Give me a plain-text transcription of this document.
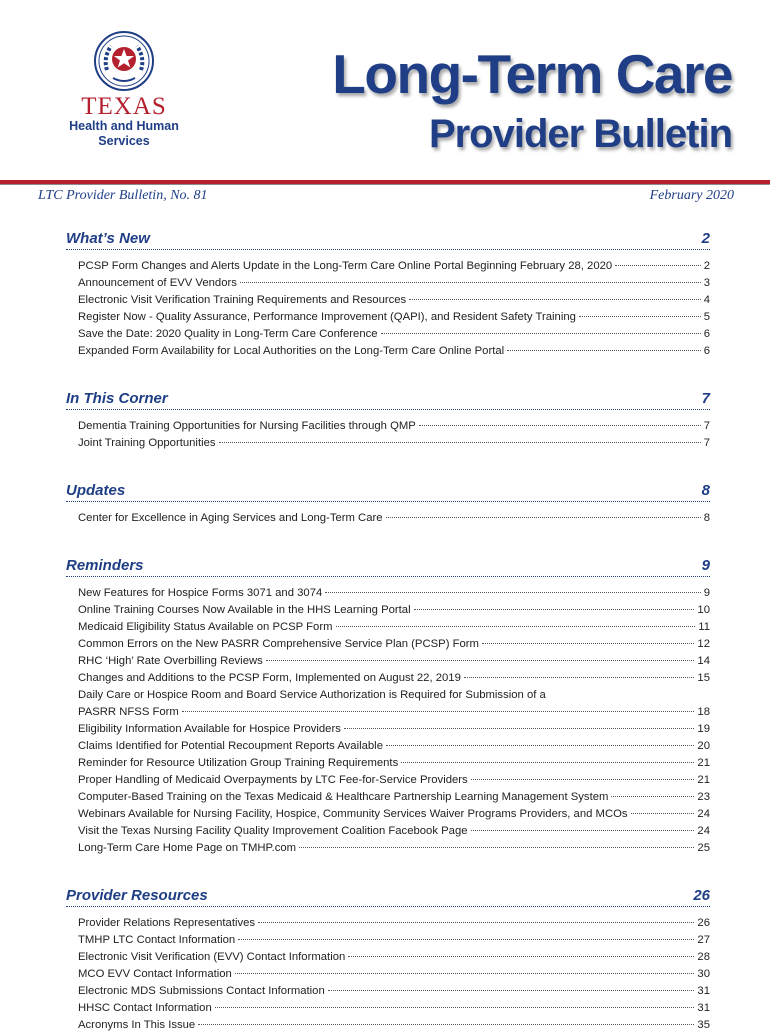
TEXAS
Health and Human
Services
Long-Term Care
Provider Bulletin
LTC Provider Bulletin, No. 81	February 2020
What’s New	2
PCSP Form Changes and Alerts Update in the Long-Term Care Online Portal Beginning February 28, 2020	2
Announcement of EVV Vendors	3
Electronic Visit Verification Training Requirements and Resources	4
Register Now - Quality Assurance, Performance Improvement (QAPI), and Resident Safety Training	5
Save the Date: 2020 Quality in Long-Term Care Conference	6
Expanded Form Availability for Local Authorities on the Long-Term Care Online Portal	6
In This Corner	7
Dementia Training Opportunities for Nursing Facilities through QMP	7
Joint Training Opportunities	7
Updates	8
Center for Excellence in Aging Services and Long-Term Care	8
Reminders	9
New Features for Hospice Forms 3071 and 3074	9
Online Training Courses Now Available in the HHS Learning Portal	10
Medicaid Eligibility Status Available on PCSP Form	11
Common Errors on the New PASRR Comprehensive Service Plan (PCSP) Form	12
RHC ‘High’ Rate Overbilling Reviews	14
Changes and Additions to the PCSP Form, Implemented on August 22, 2019	15
Daily Care or Hospice Room and Board Service Authorization is Required for Submission of a
PASRR NFSS Form	18
Eligibility Information Available for Hospice Providers	19
Claims Identified for Potential Recoupment Reports Available	20
Reminder for Resource Utilization Group Training Requirements	21
Proper Handling of Medicaid Overpayments by LTC Fee-for-Service Providers	21
Computer-Based Training on the Texas Medicaid & Healthcare Partnership Learning Management System	23
Webinars Available for Nursing Facility, Hospice, Community Services Waiver Programs Providers, and MCOs	24
Visit the Texas Nursing Facility Quality Improvement Coalition Facebook Page	24
Long-Term Care Home Page on TMHP.com	25
Provider Resources	26
Provider Relations Representatives	26
TMHP LTC Contact Information	27
Electronic Visit Verification (EVV) Contact Information	28
MCO EVV Contact Information	30
Electronic MDS Submissions Contact Information	31
HHSC Contact Information	31
Acronyms In This Issue	35
